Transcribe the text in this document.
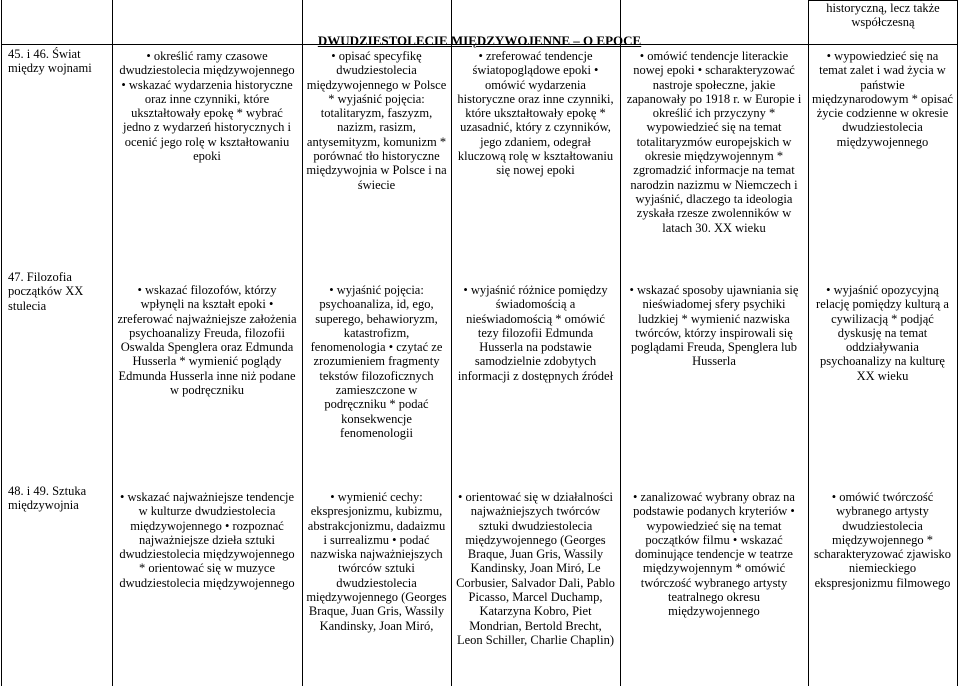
DWUDZIESTOLECIE MIĘDZYWOJENNE – O EPOCE
historyczną, lecz także współczesną
45. i 46. Świat między wojnami
• określić ramy czasowe dwudziestolecia międzywojennego • wskazać wydarzenia historyczne oraz inne czynniki, które ukształtowały epokę * wybrać jedno z wydarzeń historycznych i ocenić jego rolę w kształtowaniu epoki
• opisać specyfikę dwudziestolecia międzywojennego w Polsce * wyjaśnić pojęcia: totalitaryzm, faszyzm, nazizm, rasizm, antysemityzm, komunizm * porównać tło historyczne międzywojnia w Polsce i na świecie
• zreferować tendencje światopoglądowe epoki • omówić wydarzenia historyczne oraz inne czynniki, które ukształtowały epokę * uzasadnić, który z czynników, jego zdaniem, odegrał kluczową rolę w kształtowaniu się nowej epoki
• omówić tendencje literackie nowej epoki • scharakteryzować nastroje społeczne, jakie zapanowały po 1918 r. w Europie i określić ich przyczyny * wypowiedzieć się na temat totalitaryzmów europejskich w okresie międzywojennym * zgromadzić informacje na temat narodzin nazizmu w Niemczech i wyjaśnić, dlaczego ta ideologia zyskała rzesze zwolenników w latach 30. XX wieku
• wypowiedzieć się na temat zalet i wad życia w państwie międzynarodowym * opisać życie codzienne w okresie dwudziestolecia międzywojennego
47. Filozofia początków XX stulecia
• wskazać filozofów, którzy wpłynęli na kształt epoki • zreferować najważniejsze założenia psychoanalizy Freuda, filozofii Oswalda Spenglera oraz Edmunda Husserla * wymienić poglądy Edmunda Husserla inne niż podane w podręczniku
• wyjaśnić pojęcia: psychoanaliza, id, ego, superego, behawioryzm, katastrofizm, fenomenologia • czytać ze zrozumieniem fragmenty tekstów filozoficznych zamieszczone w podręczniku * podać konsekwencje fenomenologii
• wyjaśnić różnice pomiędzy świadomością a nieświadomością * omówić tezy filozofii Edmunda Husserla na podstawie samodzielnie zdobytych informacji z dostępnych źródeł
• wskazać sposoby ujawniania się nieświadomej sfery psychiki ludzkiej * wymienić nazwiska twórców, którzy inspirowali się poglądami Freuda, Spenglera lub Husserla
• wyjaśnić opozycyjną relację pomiędzy kulturą a cywilizacją * podjąć dyskusję na temat oddziaływania psychoanalizy na kulturę XX wieku
48. i 49. Sztuka międzywojnia
• wskazać najważniejsze tendencje w kulturze dwudziestolecia międzywojennego • rozpoznać najważniejsze dzieła sztuki dwudziestolecia międzywojennego * orientować się w muzyce dwudziestolecia międzywojennego
• wymienić cechy: ekspresjonizmu, kubizmu, abstrakcjonizmu, dadaizmu i surrealizmu • podać nazwiska najważniejszych twórców sztuki dwudziestolecia międzywojennego (Georges Braque, Juan Gris, Wassily Kandinsky, Joan Miró,
• orientować się w działalności najważniejszych twórców sztuki dwudziestolecia międzywojennego (Georges Braque, Juan Gris, Wassily Kandinsky, Joan Miró, Le Corbusier, Salvador Dali, Pablo Picasso, Marcel Duchamp, Katarzyna Kobro, Piet Mondrian, Bertold Brecht, Leon Schiller, Charlie Chaplin)
• zanalizować wybrany obraz na podstawie podanych kryteriów • wypowiedzieć się na temat początków filmu • wskazać dominujące tendencje w teatrze międzywojennym * omówić twórczość wybranego artysty teatralnego okresu międzywojennego
• omówić twórczość wybranego artysty dwudziestolecia międzywojennego * scharakteryzować zjawisko niemieckiego ekspresjonizmu filmowego
